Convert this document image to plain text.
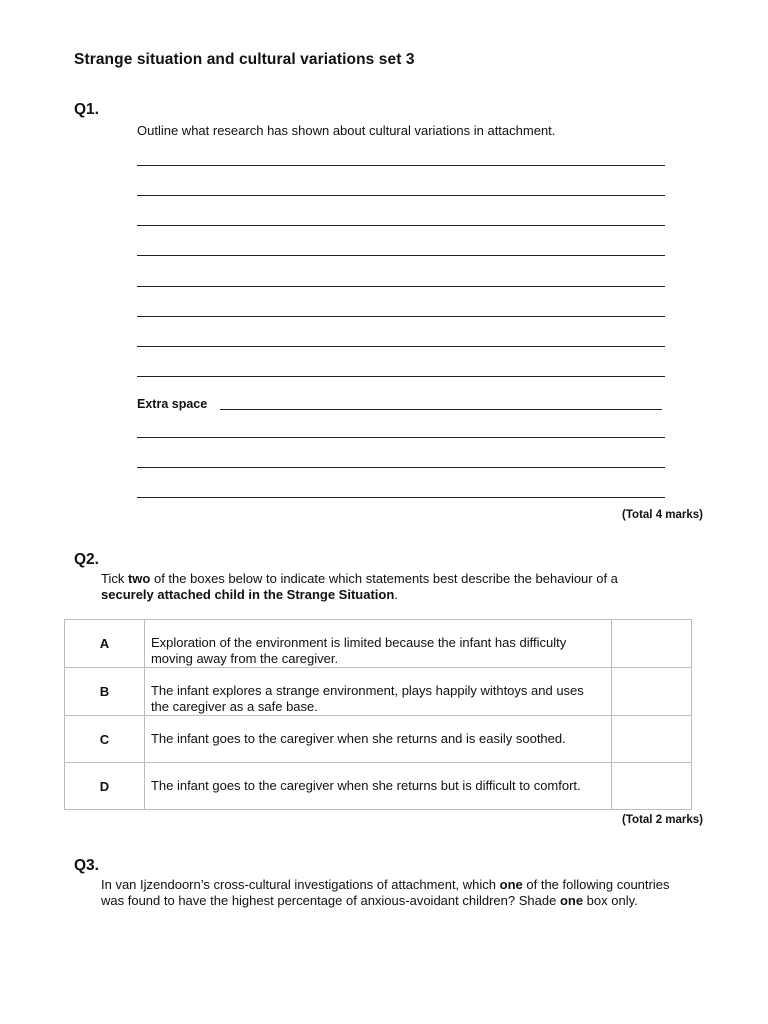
Strange situation and cultural variations set 3
Q1.
Outline what research has shown about cultural variations in attachment.
Extra space
(Total 4 marks)
Q2.
Tick two of the boxes below to indicate which statements best describe the behaviour of a
securely attached child in the Strange Situation.
A	Exploration of the environment is limited because the infant has difficulty moving away from the caregiver.	
B	The infant explores a strange environment, plays happily withtoys and uses the caregiver as a safe base.	
C	The infant goes to the caregiver when she returns and is easily soothed.	
D	The infant goes to the caregiver when she returns but is difficult to comfort.	
(Total 2 marks)
Q3.
In van Ijzendoorn’s cross-cultural investigations of attachment, which one of the following countries was found to have the highest percentage of anxious-avoidant children? Shade one box only.
